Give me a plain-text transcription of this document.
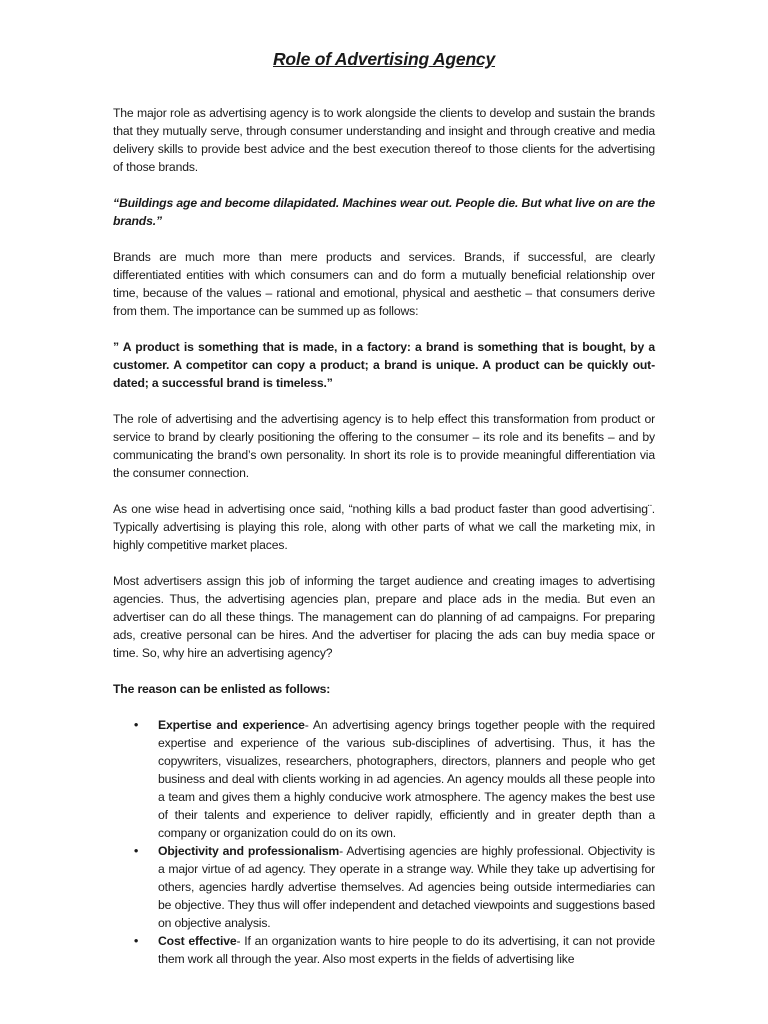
Role of Advertising Agency

The major role as advertising agency is to work alongside the clients to develop and sustain the brands that they mutually serve, through consumer understanding and insight and through creative and media delivery skills to provide best advice and the best execution thereof to those clients for the advertising of those brands.

“Buildings age and become dilapidated. Machines wear out. People die. But what live on are the brands.”

Brands are much more than mere products and services. Brands, if successful, are clearly differentiated entities with which consumers can and do form a mutually beneficial relationship over time, because of the values – rational and emotional, physical and aesthetic – that consumers derive from them. The importance can be summed up as follows:

” A product is something that is made, in a factory: a brand is something that is bought, by a customer. A competitor can copy a product; a brand is unique. A product can be quickly out-dated; a successful brand is timeless.”

The role of advertising and the advertising agency is to help effect this transformation from product or service to brand by clearly positioning the offering to the consumer – its role and its benefits – and by communicating the brand’s own personality. In short its role is to provide meaningful differentiation via the consumer connection.

As one wise head in advertising once said, “nothing kills a bad product faster than good advertising¨. Typically advertising is playing this role, along with other parts of what we call the marketing mix, in highly competitive market places.

Most advertisers assign this job of informing the target audience and creating images to advertising agencies. Thus, the advertising agencies plan, prepare and place ads in the media. But even an advertiser can do all these things. The management can do planning of ad campaigns. For preparing ads, creative personal can be hires. And the advertiser for placing the ads can buy media space or time. So, why hire an advertising agency?

The reason can be enlisted as follows:

• Expertise and experience- An advertising agency brings together people with the required expertise and experience of the various sub-disciplines of advertising. Thus, it has the copywriters, visualizes, researchers, photographers, directors, planners and people who get business and deal with clients working in ad agencies. An agency moulds all these people into a team and gives them a highly conducive work atmosphere. The agency makes the best use of their talents and experience to deliver rapidly, efficiently and in greater depth than a company or organization could do on its own.
• Objectivity and professionalism- Advertising agencies are highly professional. Objectivity is a major virtue of ad agency. They operate in a strange way. While they take up advertising for others, agencies hardly advertise themselves. Ad agencies being outside intermediaries can be objective. They thus will offer independent and detached viewpoints and suggestions based on objective analysis.
• Cost effective- If an organization wants to hire people to do its advertising, it can not provide them work all through the year. Also most experts in the fields of advertising like
